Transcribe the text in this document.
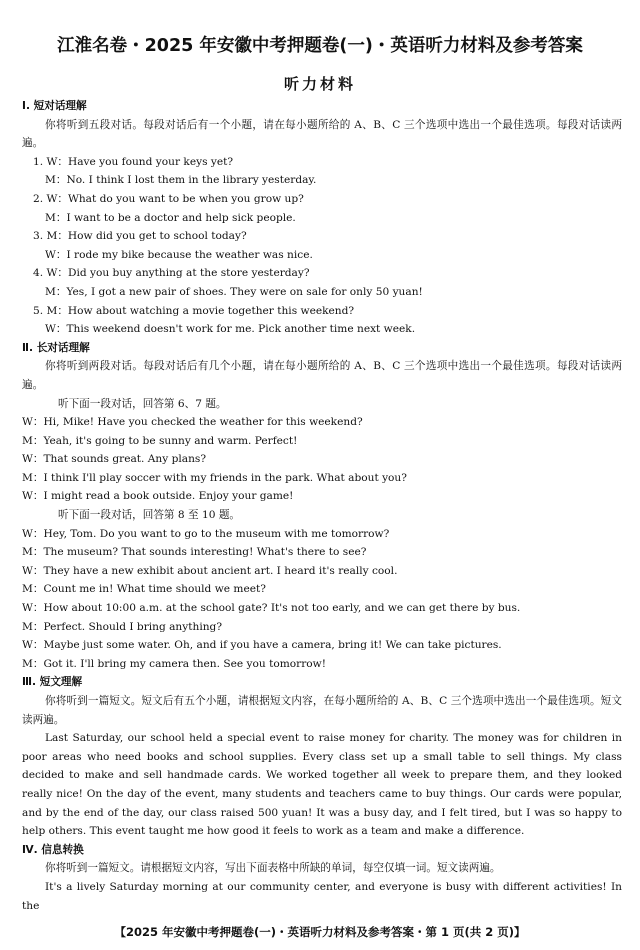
江淮名卷・2025 年安徽中考押题卷(一)・英语听力材料及参考答案
听力材料

Ⅰ. 短对话理解

你将听到五段对话。每段对话后有一个小题，请在每小题所给的 A、B、C 三个选项中选出一个最佳选项。每段对话读两遍。

1. W：Have you found your keys yet?

M：No. I think I lost them in the library yesterday.

2. W：What do you want to be when you grow up?

M：I want to be a doctor and help sick people.

3. M：How did you get to school today?

W：I rode my bike because the weather was nice.

4. W：Did you buy anything at the store yesterday?

M：Yes, I got a new pair of shoes. They were on sale for only 50 yuan!

5. M：How about watching a movie together this weekend?

W：This weekend doesn't work for me. Pick another time next week.

Ⅱ. 长对话理解

你将听到两段对话。每段对话后有几个小题，请在每小题所给的 A、B、C 三个选项中选出一个最佳选项。每段对话读两遍。

听下面一段对话，回答第 6、7 题。

W：Hi, Mike! Have you checked the weather for this weekend?

M：Yeah, it's going to be sunny and warm. Perfect!

W：That sounds great. Any plans?

M：I think I'll play soccer with my friends in the park. What about you?

W：I might read a book outside. Enjoy your game!

听下面一段对话，回答第 8 至 10 题。

W：Hey, Tom. Do you want to go to the museum with me tomorrow?

M：The museum? That sounds interesting! What's there to see?

W：They have a new exhibit about ancient art. I heard it's really cool.

M：Count me in! What time should we meet?

W：How about 10:00 a.m. at the school gate? It's not too early, and we can get there by bus.

M：Perfect. Should I bring anything?

W：Maybe just some water. Oh, and if you have a camera, bring it! We can take pictures.

M：Got it. I'll bring my camera then. See you tomorrow!

Ⅲ. 短文理解

你将听到一篇短文。短文后有五个小题，请根据短文内容，在每小题所给的 A、B、C 三个选项中选出一个最佳选项。短文读两遍。

Last Saturday, our school held a special event to raise money for charity. The money was for children in poor areas who need books and school supplies. Every class set up a small table to sell things. My class decided to make and sell handmade cards. We worked together all week to prepare them, and they looked really nice! On the day of the event, many students and teachers came to buy things. Our cards were popular, and by the end of the day, our class raised 500 yuan! It was a busy day, and I felt tired, but I was so happy to help others. This event taught me how good it feels to work as a team and make a difference.

Ⅳ. 信息转换

你将听到一篇短文。请根据短文内容，写出下面表格中所缺的单词，每空仅填一词。短文读两遍。

It's a lively Saturday morning at our community center, and everyone is busy with different activities! In the

【2025 年安徽中考押题卷(一)・英语听力材料及参考答案・第 1 页(共 2 页)】
